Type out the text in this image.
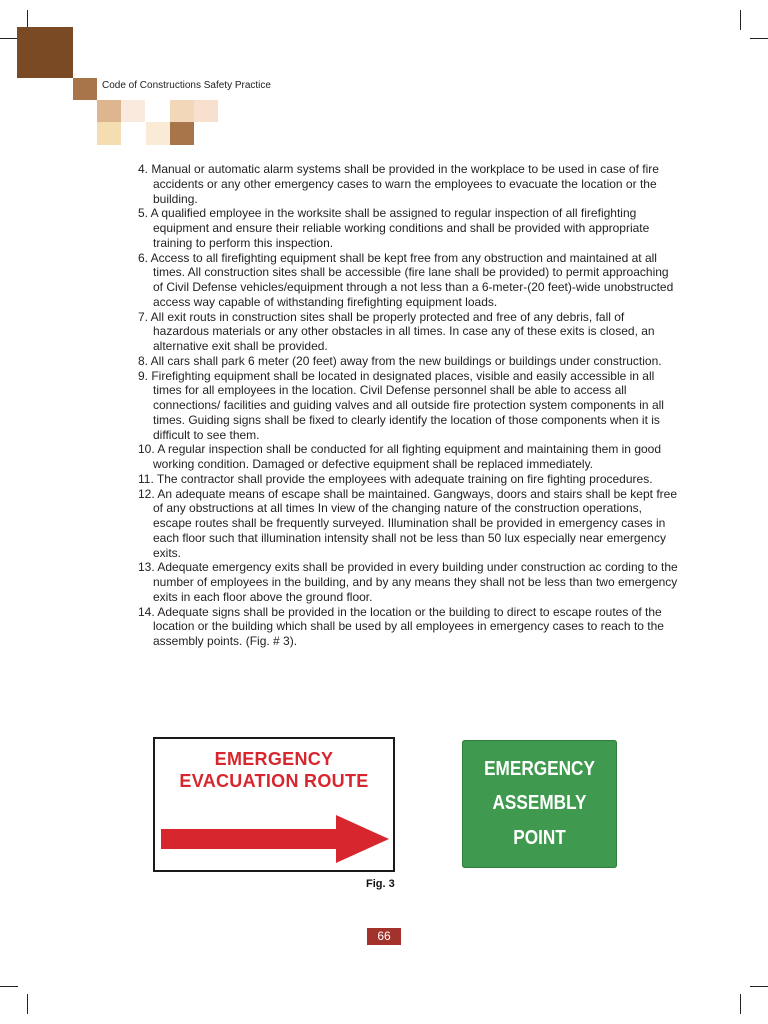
Code of Constructions Safety Practice
4. Manual or automatic alarm systems shall be provided in the workplace to be used in case of fire accidents or any other emergency cases to warn the employees to evacuate the location or the building.
5. A qualified employee in the worksite shall be assigned to regular inspection of all firefighting equipment and ensure their reliable working conditions and shall be provided with appropriate training to perform this inspection.
6. Access to all firefighting equipment shall be kept free from any obstruction and maintained at all times. All construction sites shall be accessible (fire lane shall be provided) to permit approaching of Civil Defense vehicles/equipment through a not less than a 6-meter-(20 feet)-wide unobstructed access way capable of withstanding firefighting equipment loads.
7. All exit routs in construction sites shall be properly protected and free of any debris, fall of hazardous materials or any other obstacles in all times. In case any of these exits is closed, an alternative exit shall be provided.
8. All cars shall park 6 meter (20 feet) away from the new buildings or buildings under construction.
9. Firefighting equipment shall be located in designated places, visible and easily accessible in all times for all employees in the location. Civil Defense personnel shall be able to access all connections/ facilities and guiding valves and all outside fire protection system components in all times. Guiding signs shall be fixed to clearly identify the location of those components when it is difficult to see them.
10. A regular inspection shall be conducted for all fighting equipment and maintaining them in good working condition. Damaged or defective equipment shall be replaced immediately.
11. The contractor shall provide the employees with adequate training on fire fighting procedures.
12. An adequate means of escape shall be maintained. Gangways, doors and stairs shall be kept free of any obstructions at all times In view of the changing nature of the construction operations, escape routes shall be frequently surveyed. Illumination shall be provided in emergency cases in each floor such that illumination intensity shall not be less than 50 lux especially near emergency exits.
13. Adequate emergency exits shall be provided in every building under construction ac cording to the number of employees in the building, and by any means they shall not be less than two emergency exits in each floor above the ground floor.
14. Adequate signs shall be provided in the location or the building to direct to escape routes of the location or the building which shall be used by all employees in emergency cases to reach to the assembly points. (Fig. # 3).
EMERGENCY
EVACUATION ROUTE
EMERGENCY
ASSEMBLY
POINT
Fig. 3
66
